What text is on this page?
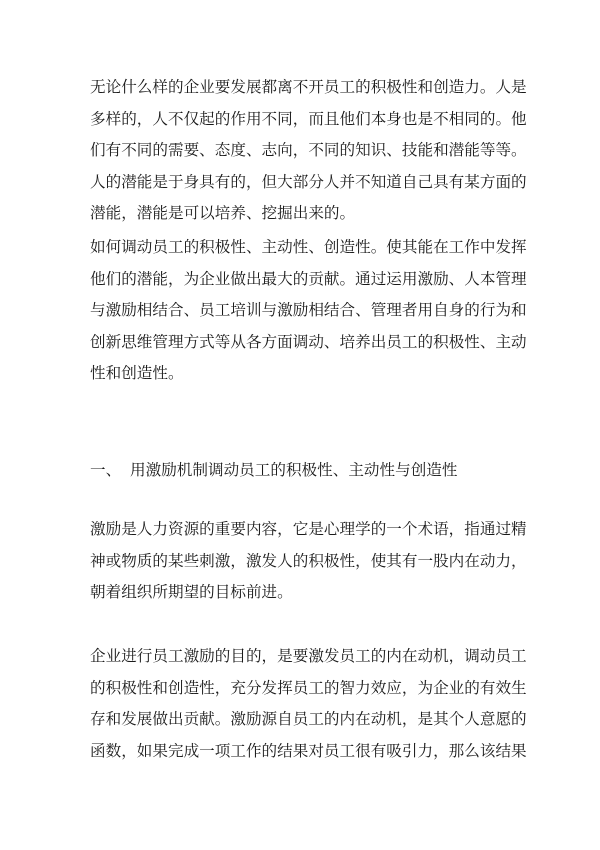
无论什么样的企业要发展都离不开员工的积极性和创造力。人是
多样的，人不仅起的作用不同，而且他们本身也是不相同的。他
们有不同的需要、态度、志向，不同的知识、技能和潜能等等。
人的潜能是于身具有的，但大部分人并不知道自己具有某方面的
潜能，潜能是可以培养、挖掘出来的。
如何调动员工的积极性、主动性、创造性。使其能在工作中发挥
他们的潜能，为企业做出最大的贡献。通过运用激励、人本管理
与激励相结合、员工培训与激励相结合、管理者用自身的行为和
创新思维管理方式等从各方面调动、培养出员工的积极性、主动
性和创造性。
一、 用激励机制调动员工的积极性、主动性与创造性
激励是人力资源的重要内容，它是心理学的一个术语，指通过精
神或物质的某些刺激，激发人的积极性，使其有一股内在动力，
朝着组织所期望的目标前进。
企业进行员工激励的目的，是要激发员工的内在动机，调动员工
的积极性和创造性，充分发挥员工的智力效应，为企业的有效生
存和发展做出贡献。激励源自员工的内在动机，是其个人意愿的
函数，如果完成一项工作的结果对员工很有吸引力，那么该结果
